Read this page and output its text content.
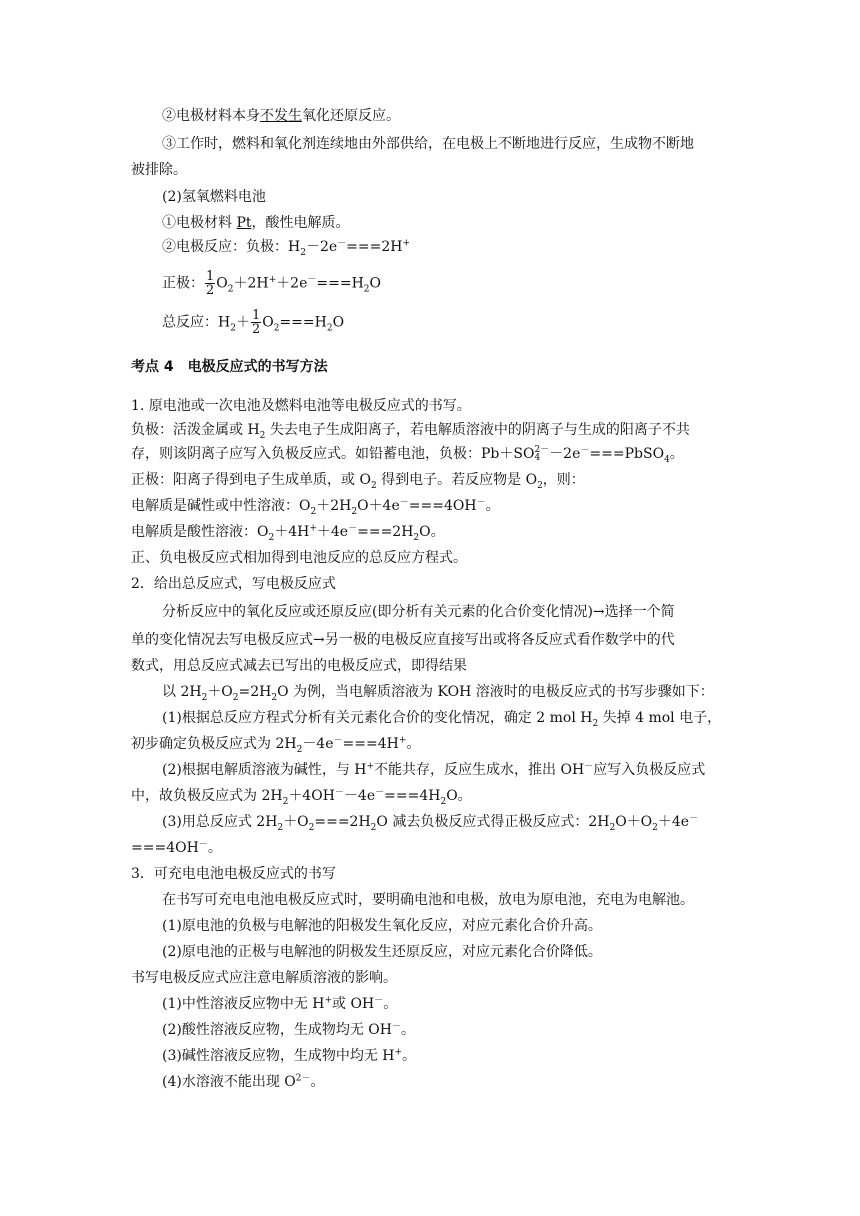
②电极材料本身不发生氧化还原反应。
③工作时，燃料和氧化剂连续地由外部供给，在电极上不断地进行反应，生成物不断地
被排除。
(2)氢氧燃料电池
①电极材料 Pt，酸性电解质。
②电极反应：负极：$H_2-2e^-===2H^+$
正极： $\frac{1}{2} O_2+2H^++2e^-===H_2O$
总反应：$H_2+ \frac{1}{2} O_2===H_2O$
考点 4　电极反应式的书写方法
1. 原电池或一次电池及燃料电池等电极反应式的书写。
负极：活泼金属或 $H_2$ 失去电子生成阳离子，若电解质溶液中的阴离子与生成的阳离子不共
存，则该阴离子应写入负极反应式。如铅蓄电池，负极：Pb＋SO 2－
4 －2e－===PbSO$_4$。
正极：阳离子得到电子生成单质，或 $O_2$ 得到电子。若反应物是 $O_2$，则：
电解质是碱性或中性溶液：$O_2+2H_2O+4e^-===4OH^-$。
电解质是酸性溶液：$O_2+4H^++4e^-===2H_2O$。
正、负电极反应式相加得到电池反应的总反应方程式。
2．给出总反应式，写电极反应式
分析反应中的氧化反应或还原反应(即分析有关元素的化合价变化情况)→选择一个简
单的变化情况去写电极反应式→另一极的电极反应直接写出或将各反应式看作数学中的代
数式，用总反应式减去已写出的电极反应式，即得结果
以 $2H_2+O_2=2H_2O$ 为例，当电解质溶液为 KOH 溶液时的电极反应式的书写步骤如下：
(1)根据总反应方程式分析有关元素化合价的变化情况，确定 2 mol $H_2$ 失掉 4 mol 电子，
初步确定负极反应式为 $2H_2-4e^-===4H^+$。
(2)根据电解质溶液为碱性，与 H+不能共存，反应生成水，推出 OH－应写入负极反应式
中，故负极反应式为 $2H_2+4OH^--4e^-===4H_2O$。
(3)用总反应式 $2H_2+O_2===2H_2O$ 减去负极反应式得正极反应式：$2H_2O+O_2+4e^-$
===4OH－。
3．可充电电池电极反应式的书写
在书写可充电电池电极反应式时，要明确电池和电极，放电为原电池，充电为电解池。
(1)原电池的负极与电解池的阳极发生氧化反应，对应元素化合价升高。
(2)原电池的正极与电解池的阴极发生还原反应，对应元素化合价降低。
书写电极反应式应注意电解质溶液的影响。
(1)中性溶液反应物中无 H+或 OH－。
(2)酸性溶液反应物，生成物均无 OH－。
(3)碱性溶液反应物，生成物中均无 H+。
(4)水溶液不能出现 $O^{2-}$。
